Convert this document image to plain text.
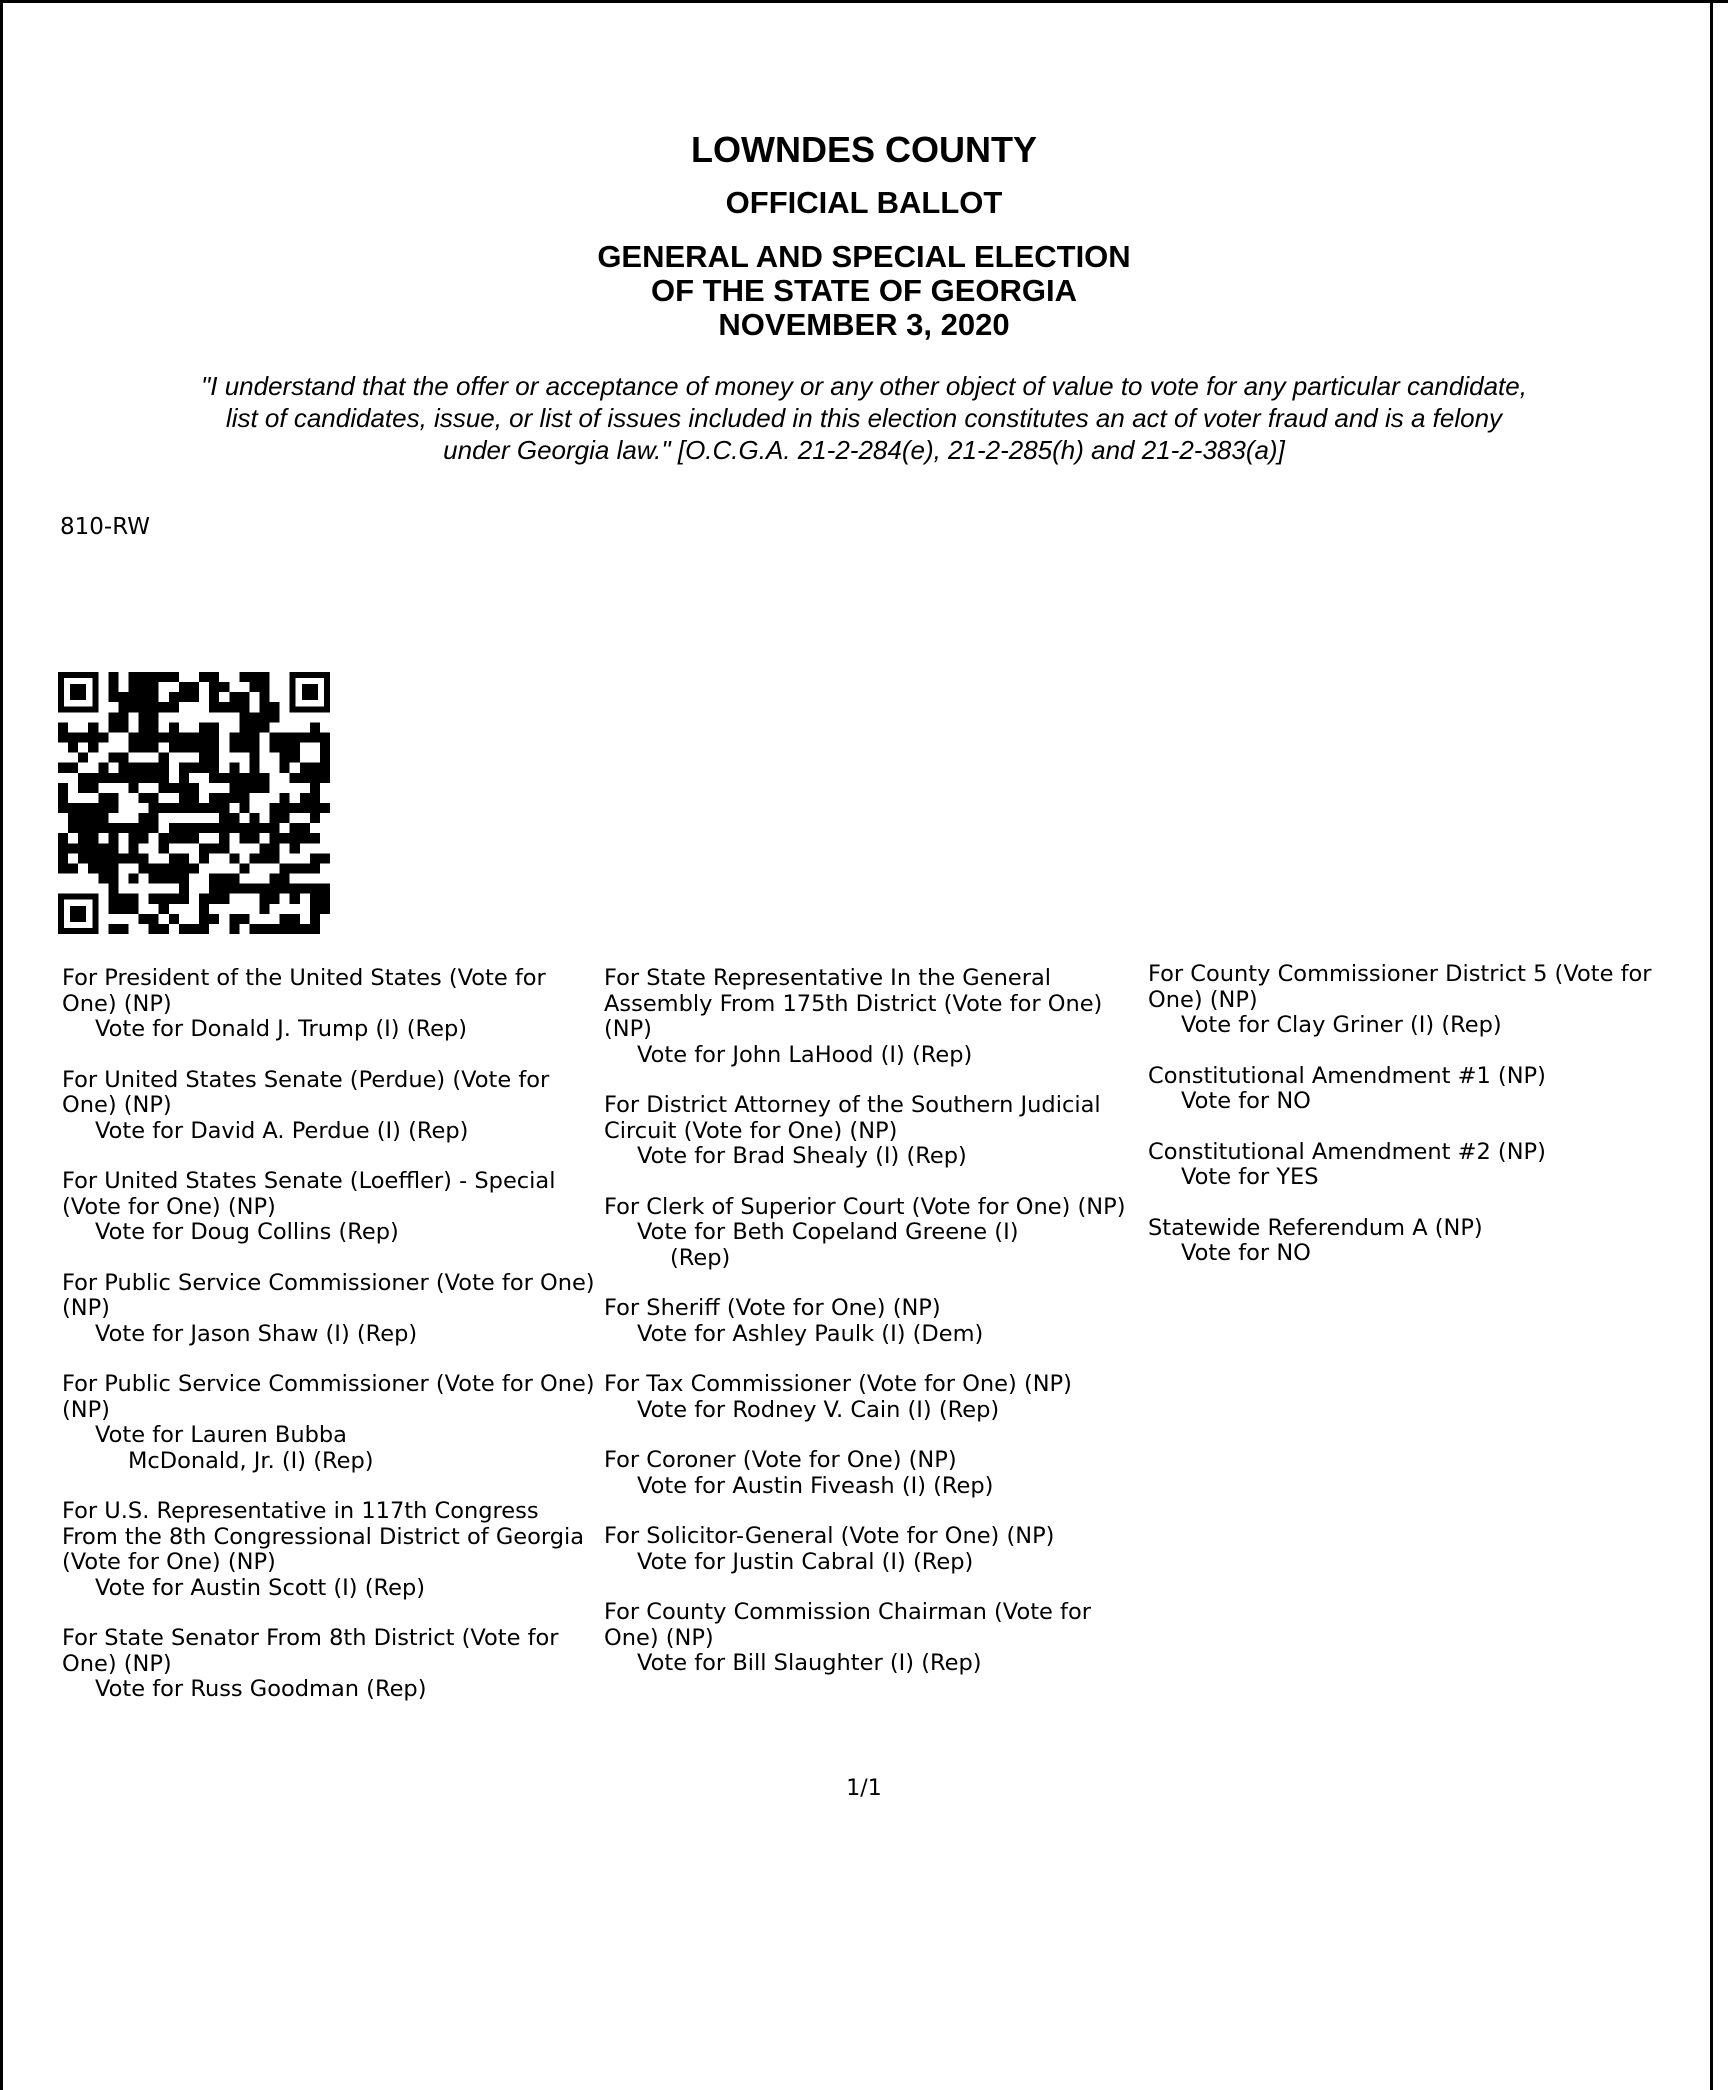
LOWNDES COUNTY
OFFICIAL BALLOT
GENERAL AND SPECIAL ELECTION
OF THE STATE OF GEORGIA
NOVEMBER 3, 2020
"I understand that the offer or acceptance of money or any other object of value to vote for any particular candidate,
list of candidates, issue, or list of issues included in this election constitutes an act of voter fraud and is a felony
under Georgia law." [O.C.G.A. 21-2-284(e), 21-2-285(h) and 21-2-383(a)]
810-RW
For President of the United States (Vote for One) (NP)
Vote for Donald J. Trump (I) (Rep)
For United States Senate (Perdue) (Vote for One) (NP)
Vote for David A. Perdue (I) (Rep)
For United States Senate (Loeffler) - Special (Vote for One) (NP)
Vote for Doug Collins (Rep)
For Public Service Commissioner (Vote for One) (NP)
Vote for Jason Shaw (I) (Rep)
For Public Service Commissioner (Vote for One) (NP)
Vote for Lauren Bubba
McDonald, Jr. (I) (Rep)
For U.S. Representative in 117th Congress From the 8th Congressional District of Georgia (Vote for One) (NP)
Vote for Austin Scott (I) (Rep)
For State Senator From 8th District (Vote for One) (NP)
Vote for Russ Goodman (Rep)
For State Representative In the General Assembly From 175th District (Vote for One) (NP)
Vote for John LaHood (I) (Rep)
For District Attorney of the Southern Judicial Circuit (Vote for One) (NP)
Vote for Brad Shealy (I) (Rep)
For Clerk of Superior Court (Vote for One) (NP)
Vote for Beth Copeland Greene (I)
(Rep)
For Sheriff (Vote for One) (NP)
Vote for Ashley Paulk (I) (Dem)
For Tax Commissioner (Vote for One) (NP)
Vote for Rodney V. Cain (I) (Rep)
For Coroner (Vote for One) (NP)
Vote for Austin Fiveash (I) (Rep)
For Solicitor-General (Vote for One) (NP)
Vote for Justin Cabral (I) (Rep)
For County Commission Chairman (Vote for One) (NP)
Vote for Bill Slaughter (I) (Rep)
For County Commissioner District 5 (Vote for One) (NP)
Vote for Clay Griner (I) (Rep)
Constitutional Amendment #1 (NP)
Vote for NO
Constitutional Amendment #2 (NP)
Vote for YES
Statewide Referendum A (NP)
Vote for NO
1/1
